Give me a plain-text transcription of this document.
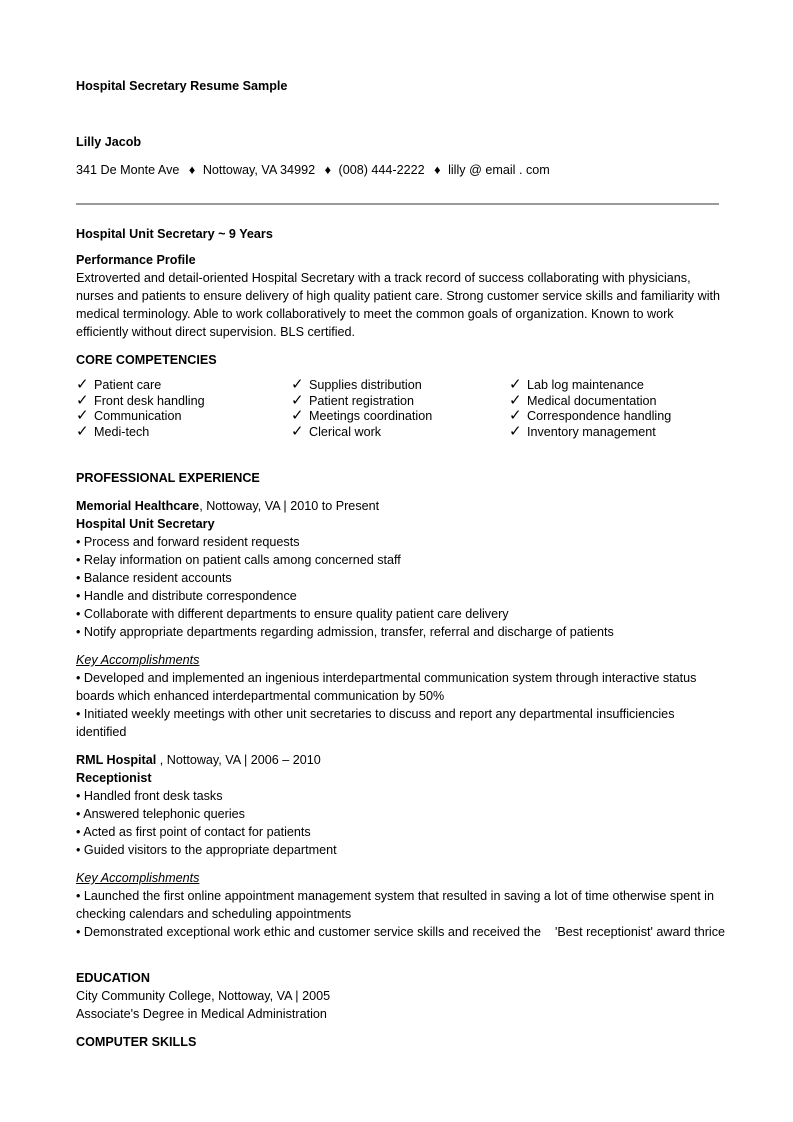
Hospital Secretary Resume Sample
Lilly Jacob
341 De Monte Ave ♦ Nottoway, VA 34992 ♦ (008) 444-2222 ♦ lilly @ email . com
Hospital Unit Secretary ~ 9 Years
Performance Profile
Extroverted and detail-oriented Hospital Secretary with a track record of success collaborating with physicians, nurses and patients to ensure delivery of high quality patient care. Strong customer service skills and familiarity with medical terminology. Able to work collaboratively to meet the common goals of organization. Known to work efficiently without direct supervision. BLS certified.
CORE COMPETENCIES
✓ Patient care
✓ Front desk handling
✓ Communication
✓ Medi-tech
✓ Supplies distribution
✓ Patient registration
✓ Meetings coordination
✓ Clerical work
✓ Lab log maintenance
✓ Medical documentation
✓ Correspondence handling
✓ Inventory management
PROFESSIONAL EXPERIENCE
Memorial Healthcare, Nottoway, VA | 2010 to Present
Hospital Unit Secretary
• Process and forward resident requests
• Relay information on patient calls among concerned staff
• Balance resident accounts
• Handle and distribute correspondence
• Collaborate with different departments to ensure quality patient care delivery
• Notify appropriate departments regarding admission, transfer, referral and discharge of patients
Key Accomplishments
• Developed and implemented an ingenious interdepartmental communication system through interactive status boards which enhanced interdepartmental communication by 50%
• Initiated weekly meetings with other unit secretaries to discuss and report any departmental insufficiencies identified
RML Hospital , Nottoway, VA | 2006 – 2010
Receptionist
• Handled front desk tasks
• Answered telephonic queries
• Acted as first point of contact for patients
• Guided visitors to the appropriate department
Key Accomplishments
• Launched the first online appointment management system that resulted in saving a lot of time otherwise spent in checking calendars and scheduling appointments
• Demonstrated exceptional work ethic and customer service skills and received the    'Best receptionist' award thrice
EDUCATION
City Community College, Nottoway, VA | 2005
Associate's Degree in Medical Administration
COMPUTER SKILLS
